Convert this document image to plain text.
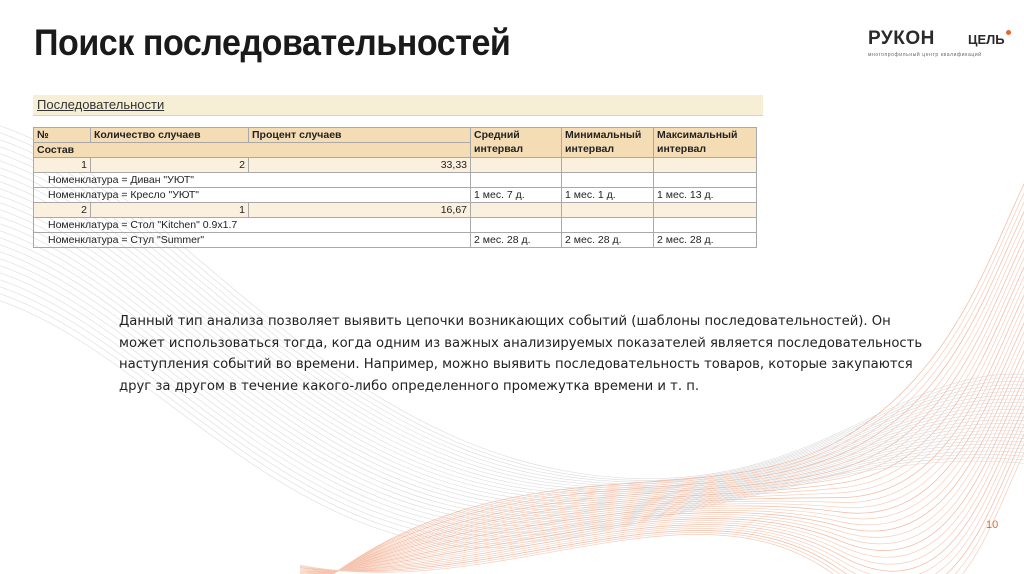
Поиск последовательностей	РУКОН	ЦЕЛЬ
многопрофильный центр квалификаций
Последовательности
№	Количество случаев	Процент случаев	Средний интервал	Минимальный интервал	Максимальный интервал
Состав					
1	2	33,33			
Номенклатура = Диван "УЮТ"					
Номенклатура = Кресло "УЮТ"			1 мес. 7 д.	1 мес. 1 д.	1 мес. 13 д.
2	1	16,67			
Номенклатура = Стол "Kitchen" 0.9x1.7					
Номенклатура = Стул "Summer"			2 мес. 28 д.	2 мес. 28 д.	2 мес. 28 д.
Данный тип анализа позволяет выявить цепочки возникающих событий (шаблоны последовательностей). Он может использоваться тогда, когда одним из важных анализируемых показателей является последовательность наступления событий во времени. Например, можно выявить последовательность товаров, которые закупаются друг за другом в течение какого-либо определенного промежутка времени и т. п.
10
